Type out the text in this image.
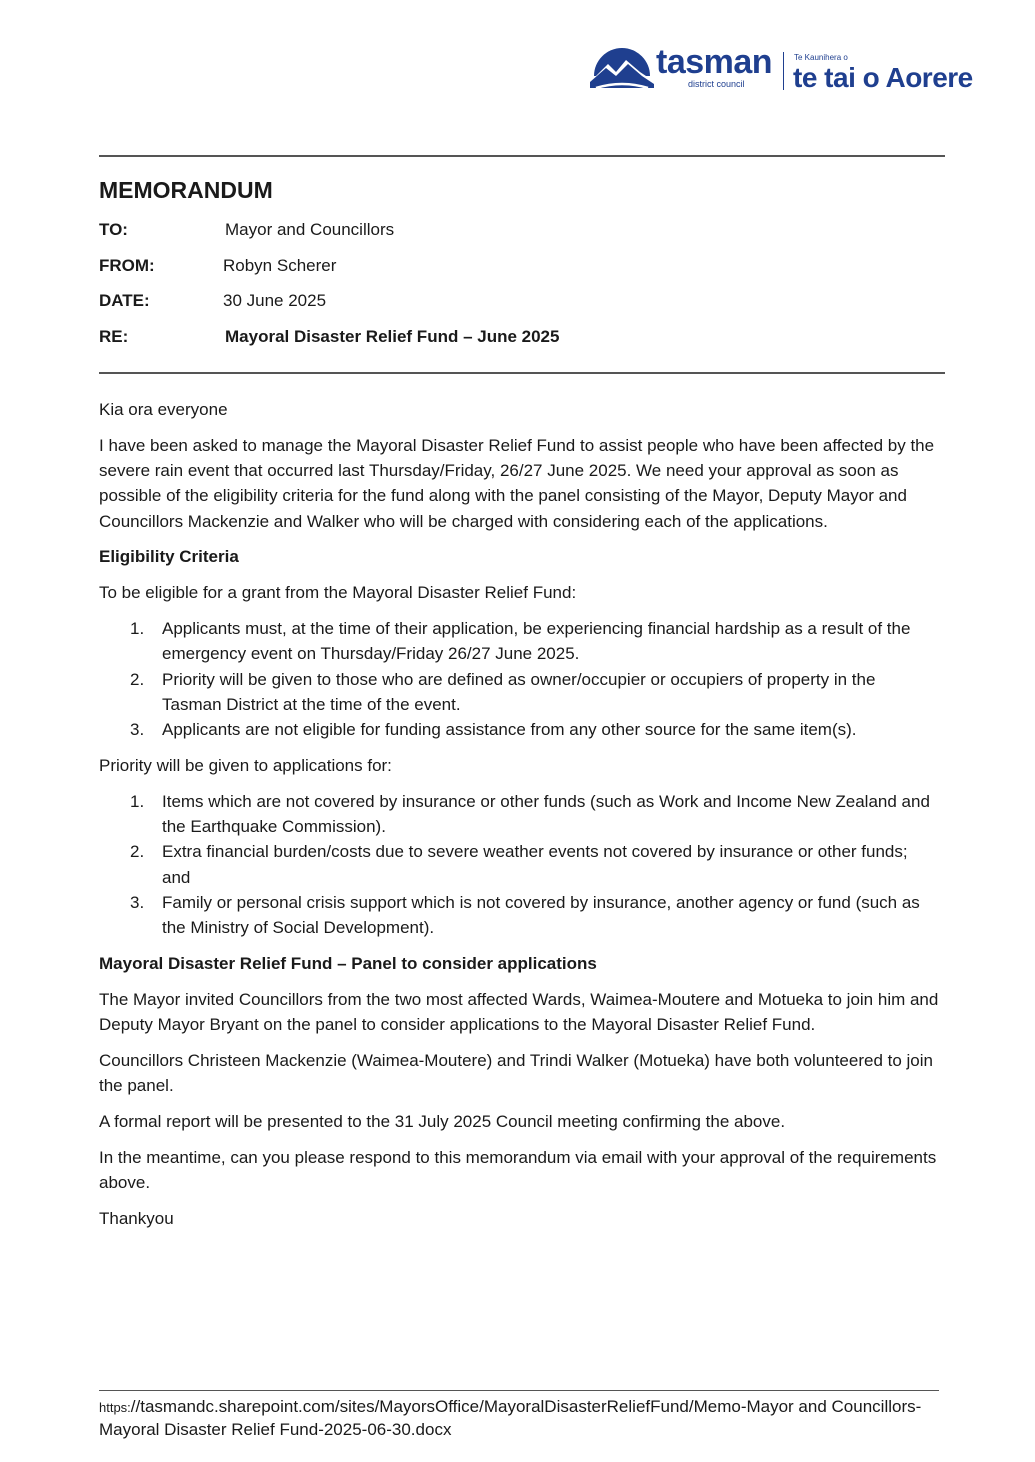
tasman
district council
Te Kaunihera o
te tai o Aorere
MEMORANDUM
TO:	Mayor and Councillors
FROM:	Robyn Scherer
DATE:	30 June 2025
RE:	Mayoral Disaster Relief Fund – June 2025

Kia ora everyone

I have been asked to manage the Mayoral Disaster Relief Fund to assist people who have been affected by the severe rain event that occurred last Thursday/Friday, 26/27 June 2025. We need your approval as soon as possible of the eligibility criteria for the fund along with the panel consisting of the Mayor, Deputy Mayor and Councillors Mackenzie and Walker who will be charged with considering each of the applications.

Eligibility Criteria

To be eligible for a grant from the Mayoral Disaster Relief Fund:

1. Applicants must, at the time of their application, be experiencing financial hardship as a result of the emergency event on Thursday/Friday 26/27 June 2025.
2. Priority will be given to those who are defined as owner/occupier or occupiers of property in the Tasman District at the time of the event.
3. Applicants are not eligible for funding assistance from any other source for the same item(s).

Priority will be given to applications for:

1. Items which are not covered by insurance or other funds (such as Work and Income New Zealand and the Earthquake Commission).
2. Extra financial burden/costs due to severe weather events not covered by insurance or other funds; and
3. Family or personal crisis support which is not covered by insurance, another agency or fund (such as the Ministry of Social Development).
Mayoral Disaster Relief Fund – Panel to consider applications

The Mayor invited Councillors from the two most affected Wards, Waimea-Moutere and Motueka to join him and Deputy Mayor Bryant on the panel to consider applications to the Mayoral Disaster Relief Fund.

Councillors Christeen Mackenzie (Waimea-Moutere) and Trindi Walker (Motueka) have both volunteered to join the panel.

A formal report will be presented to the 31 July 2025 Council meeting confirming the above.

In the meantime, can you please respond to this memorandum via email with your approval of the requirements above.

Thankyou

https://tasmandc.sharepoint.com/sites/MayorsOffice/MayoralDisasterReliefFund/Memo-Mayor and Councillors-Mayoral Disaster Relief Fund-2025-06-30.docx
